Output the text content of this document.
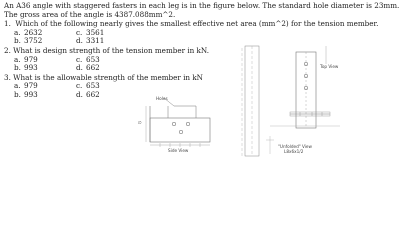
An A36 angle with staggered fasters in each leg is in the figure below. The standard hole diameter is 23mm.

The gross area of the angle is 4387.088mm^2.

1.  Which of the following nearly gives the smallest effective net area (mm^2) for the tension member.

a. 2632	c. 3561
b. 3752	d. 3311

2. What is design strength of the tension member in kN.

a. 979	c. 653
b. 993	d. 662

3. What is the allowable strength of the member in kN

a. 979	c. 653
b. 993	d. 662	Holes
Side View
Top View
"Unfolded" View
L8x6x1/2
∅
